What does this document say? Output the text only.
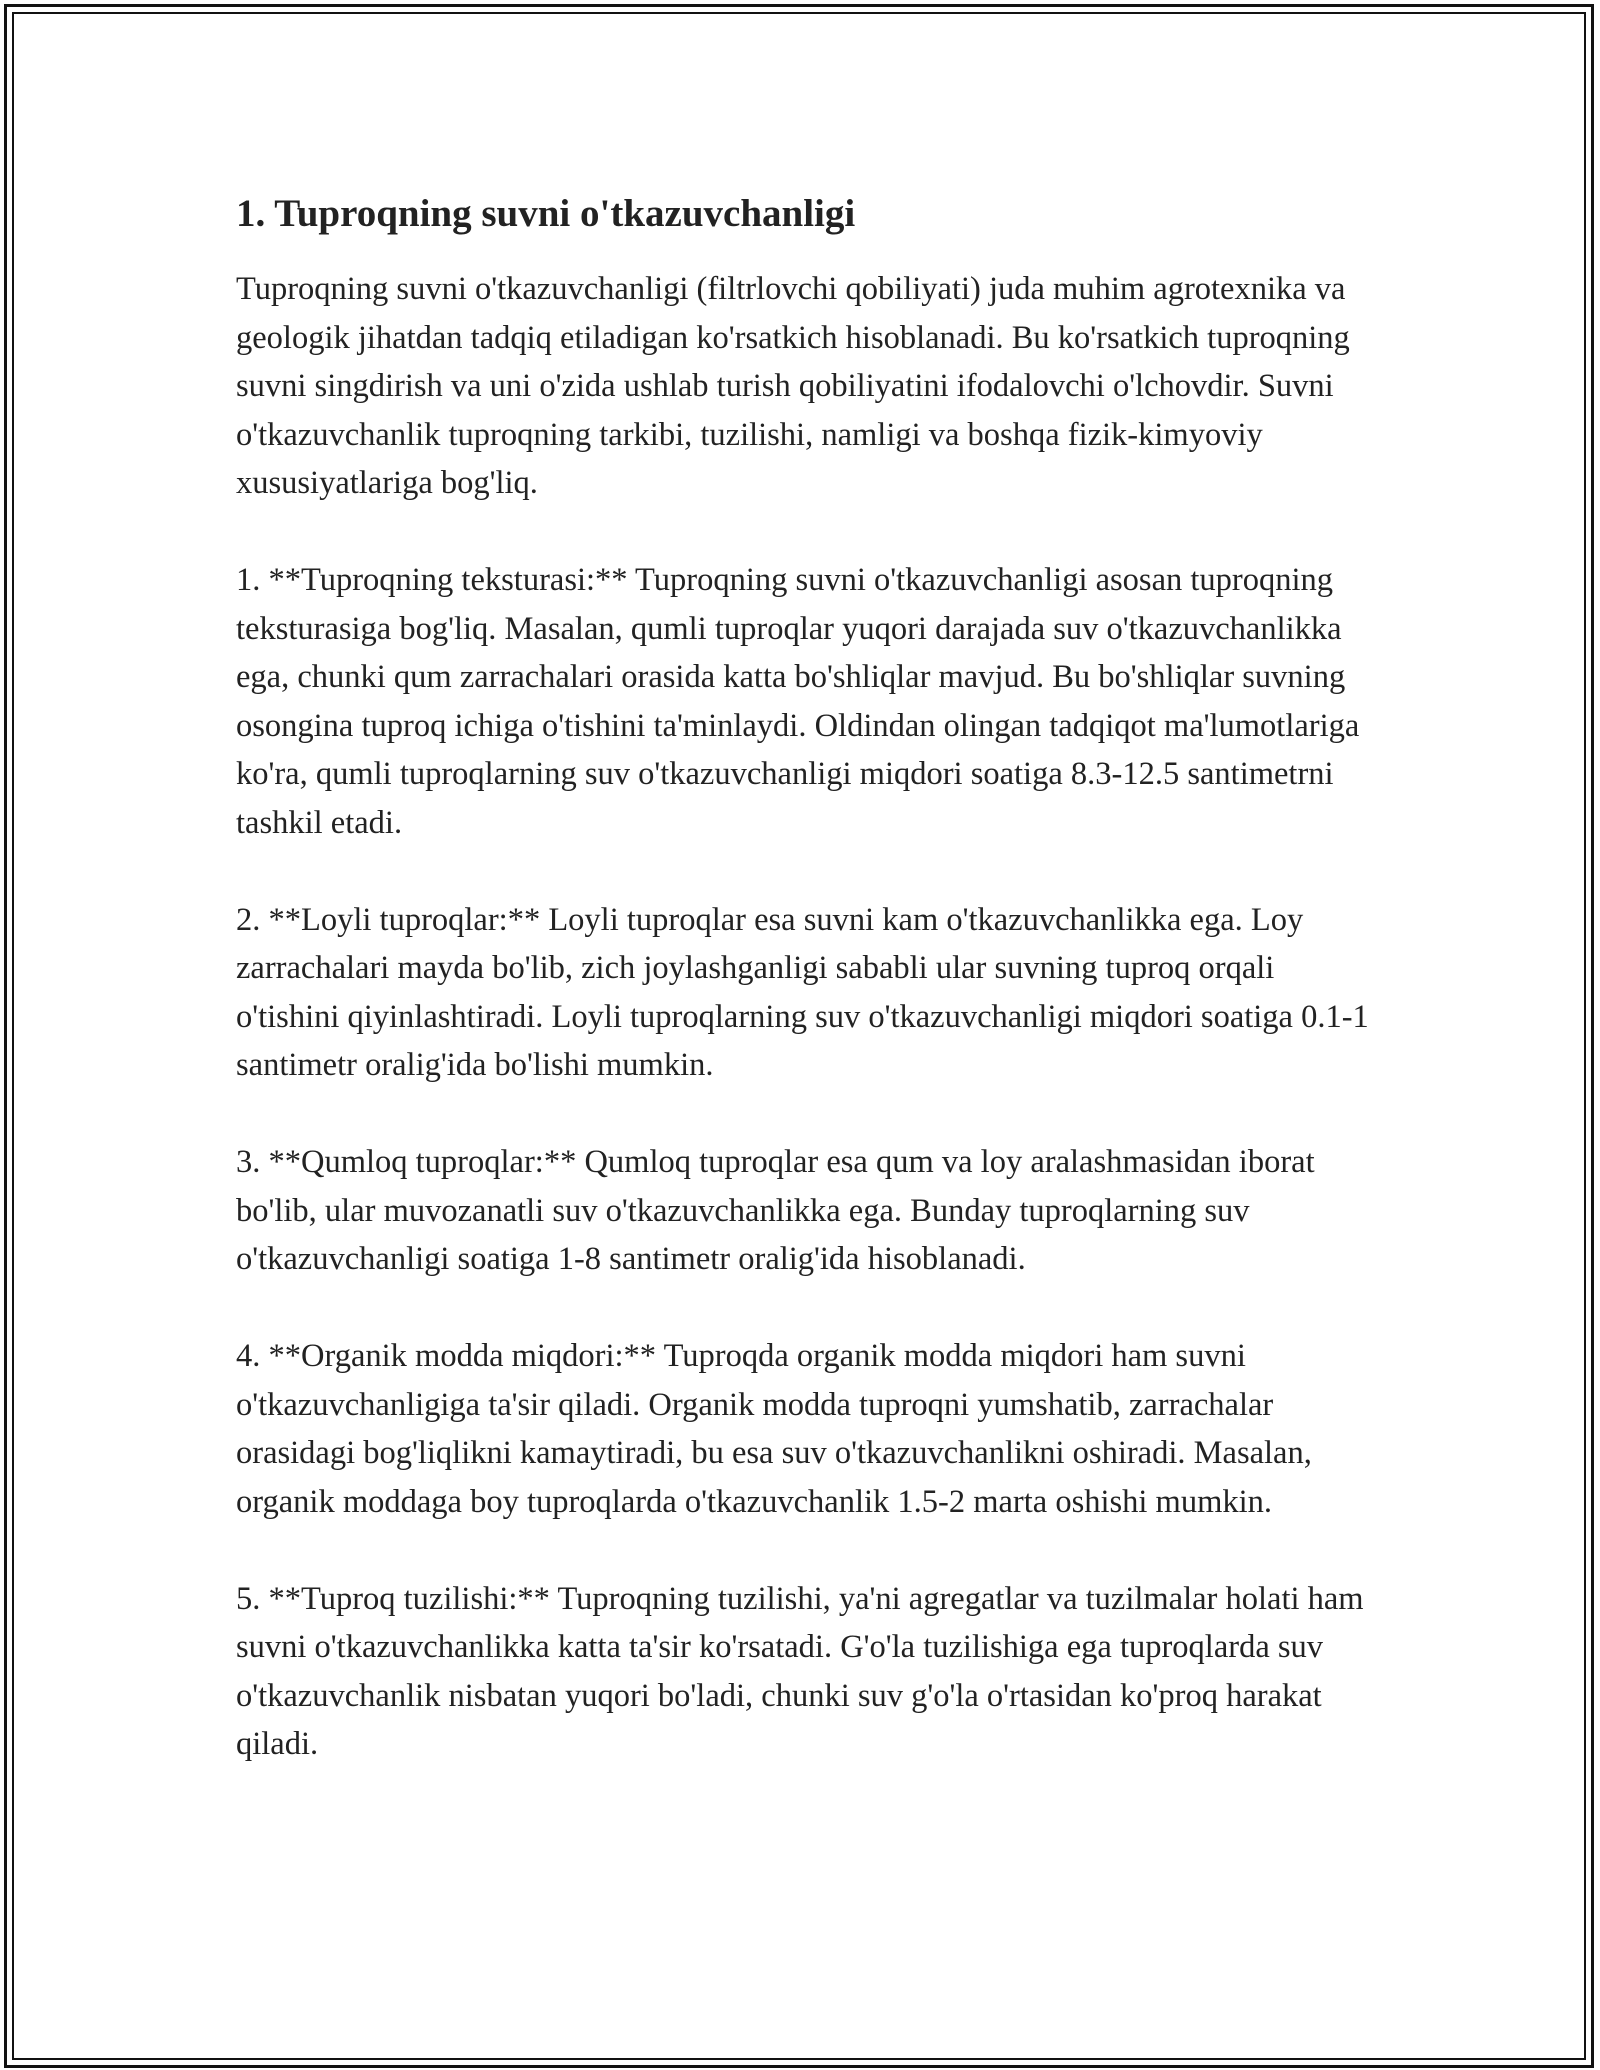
1. Tuproqning suvni o'tkazuvchanligi

Tuproqning suvni o'tkazuvchanligi (filtrlovchi qobiliyati) juda muhim agrotexnika va geologik jihatdan tadqiq etiladigan ko'rsatkich hisoblanadi. Bu ko'rsatkich tuproqning suvni singdirish va uni o'zida ushlab turish qobiliyatini ifodalovchi o'lchovdir. Suvni o'tkazuvchanlik tuproqning tarkibi, tuzilishi, namligi va boshqa fizik-kimyoviy xususiyatlariga bog'liq.

1. **Tuproqning teksturasi:** Tuproqning suvni o'tkazuvchanligi asosan tuproqning teksturasiga bog'liq. Masalan, qumli tuproqlar yuqori darajada suv o'tkazuvchanlikka ega, chunki qum zarrachalari orasida katta bo'shliqlar mavjud. Bu bo'shliqlar suvning osongina tuproq ichiga o'tishini ta'minlaydi. Oldindan olingan tadqiqot ma'lumotlariga ko'ra, qumli tuproqlarning suv o'tkazuvchanligi miqdori soatiga 8.3-12.5 santimetrni tashkil etadi.

2. **Loyli tuproqlar:** Loyli tuproqlar esa suvni kam o'tkazuvchanlikka ega. Loy zarrachalari mayda bo'lib, zich joylashganligi sababli ular suvning tuproq orqali o'tishini qiyinlashtiradi. Loyli tuproqlarning suv o'tkazuvchanligi miqdori soatiga 0.1-1 santimetr oralig'ida bo'lishi mumkin.

3. **Qumloq tuproqlar:** Qumloq tuproqlar esa qum va loy aralashmasidan iborat bo'lib, ular muvozanatli suv o'tkazuvchanlikka ega. Bunday tuproqlarning suv o'tkazuvchanligi soatiga 1-8 santimetr oralig'ida hisoblanadi.

4. **Organik modda miqdori:** Tuproqda organik modda miqdori ham suvni o'tkazuvchanligiga ta'sir qiladi. Organik modda tuproqni yumshatib, zarrachalar orasidagi bog'liqlikni kamaytiradi, bu esa suv o'tkazuvchanlikni oshiradi. Masalan, organik moddaga boy tuproqlarda o'tkazuvchanlik 1.5-2 marta oshishi mumkin.

5. **Tuproq tuzilishi:** Tuproqning tuzilishi, ya'ni agregatlar va tuzilmalar holati ham suvni o'tkazuvchanlikka katta ta'sir ko'rsatadi. G'o'la tuzilishiga ega tuproqlarda suv o'tkazuvchanlik nisbatan yuqori bo'ladi, chunki suv g'o'la o'rtasidan ko'proq harakat qiladi.
